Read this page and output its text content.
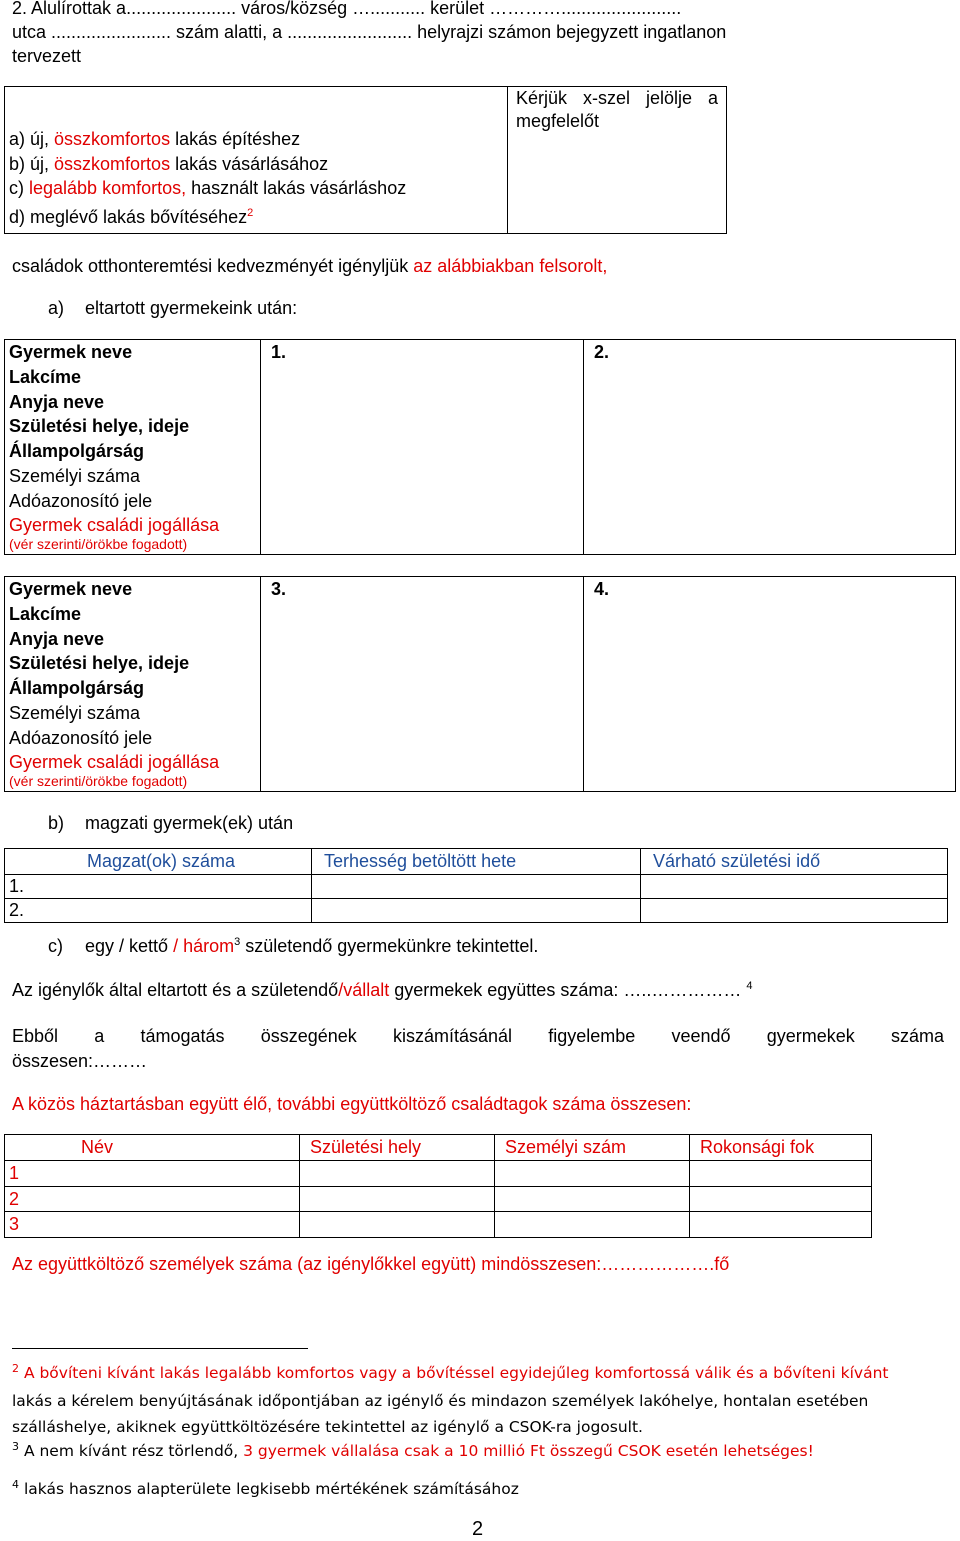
2. Alulírottak a...................... város/község …........... kerület …………........................
utca ........................ szám alatti, a ......................... helyrajzi számon bejegyzett ingatlanon
tervezett
a) új, összkomfortos lakás építéshez
b) új, összkomfortos lakás vásárlásához
c) legalább komfortos, használt lakás vásárláshoz
d) meglévő lakás bővítéséhez$^2$

Kérjük x-szel jelölje a megfelelőt
családok otthonteremtési kedvezményét igényljük az alábbiakban felsorolt,
a) eltartott gyermekeink után:
Gyermek neve
Lakcíme
Anyja neve
Születési helye, ideje
Állampolgárság
Személyi száma
Adóazonosító jele
Gyermek családi jogállása
(vér szerinti/örökbe fogadott)

1.	2.
Gyermek neve
Lakcíme
Anyja neve
Születési helye, ideje
Állampolgárság
Személyi száma
Adóazonosító jele
Gyermek családi jogállása
(vér szerinti/örökbe fogadott)

3.	4.
b) magzati gyermek(ek) után
Magzat(ok) száma	Terhesség betöltött hete	Várható születési idő
1.		
2.		
c) egy / kettő / három$^3$ születendő gyermekünkre tekintettel.
Az igénylők által eltartott és a születendő/vállalt gyermekek együttes száma: …..…………… $^4$
Ebből a támogatás összegének kiszámításánál figyelembe veendő gyermekek száma
összesen:………
A közös háztartásban együtt élő, további együttköltöző családtagok száma összesen:
Név	Születési hely	Személyi szám	Rokonsági fok
1			
2			
3			
Az együttköltöző személyek száma (az igénylőkkel együtt) mindösszesen:……………….fő
$^2$ A bővíteni kívánt lakás legalább komfortos vagy a bővítéssel egyidejűleg komfortossá válik és a bővíteni kívánt
lakás a kérelem benyújtásának időpontjában az igénylő és mindazon személyek lakóhelye, hontalan esetében
szálláshelye, akiknek együttköltözésére tekintettel az igénylő a CSOK-ra jogosult.
$^3$ A nem kívánt rész törlendő, 3 gyermek vállalása csak a 10 millió Ft összegű CSOK esetén lehetséges!
$^4$ lakás hasznos alapterülete legkisebb mértékének számításához
2
